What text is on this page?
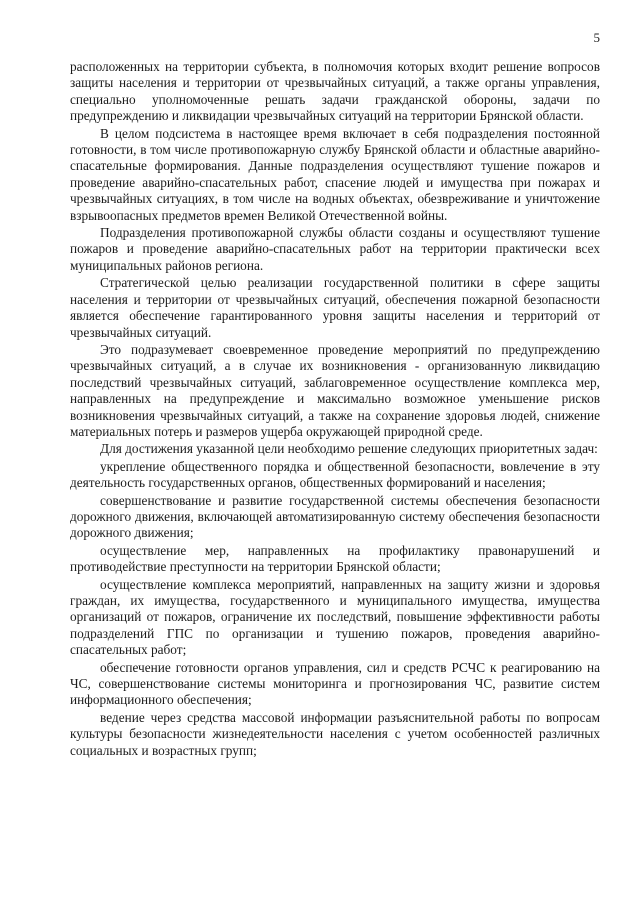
5

расположенных на территории субъекта, в полномочия которых входит решение вопросов защиты населения и территории от чрезвычайных ситуаций, а также органы управления, специально уполномоченные решать задачи гражданской обороны, задачи по предупреждению и ликвидации чрезвычайных ситуаций на территории Брянской области.

В целом подсистема в настоящее время включает в себя подразделения постоянной готовности, в том числе противопожарную службу Брянской области и областные аварийно-спасательные формирования. Данные подразделения осуществляют тушение пожаров и проведение аварийно-спасательных работ, спасение людей и имущества при пожарах и чрезвычайных ситуациях, в том числе на водных объектах, обезвреживание и уничтожение взрывоопасных предметов времен Великой Отечественной войны.

Подразделения противопожарной службы области созданы и осуществляют тушение пожаров и проведение аварийно-спасательных работ на территории практически всех муниципальных районов региона.

Стратегической целью реализации государственной политики в сфере защиты населения и территории от чрезвычайных ситуаций, обеспечения пожарной безопасности является обеспечение гарантированного уровня защиты населения и территорий от чрезвычайных ситуаций.

Это подразумевает своевременное проведение мероприятий по предупреждению чрезвычайных ситуаций, а в случае их возникновения - организованную ликвидацию последствий чрезвычайных ситуаций, заблаговременное осуществление комплекса мер, направленных на предупреждение и максимально возможное уменьшение рисков возникновения чрезвычайных ситуаций, а также на сохранение здоровья людей, снижение материальных потерь и размеров ущерба окружающей природной среде.

Для достижения указанной цели необходимо решение следующих приоритетных задач:

укрепление общественного порядка и общественной безопасности, вовлечение в эту деятельность государственных органов, общественных формирований и населения;

совершенствование и развитие государственной системы обеспечения безопасности дорожного движения, включающей автоматизированную систему обеспечения безопасности дорожного движения;

осуществление мер, направленных на профилактику правонарушений и противодействие преступности на территории Брянской области;

осуществление комплекса мероприятий, направленных на защиту жизни и здоровья граждан, их имущества, государственного и муниципального имущества, имущества организаций от пожаров, ограничение их последствий, повышение эффективности работы подразделений ГПС по организации и тушению пожаров, проведения аварийно-спасательных работ;

обеспечение готовности органов управления, сил и средств РСЧС к реагированию на ЧС, совершенствование системы мониторинга и прогнозирования ЧС, развитие систем информационного обеспечения;

ведение через средства массовой информации разъяснительной работы по вопросам культуры безопасности жизнедеятельности населения с учетом особенностей различных социальных и возрастных групп;
